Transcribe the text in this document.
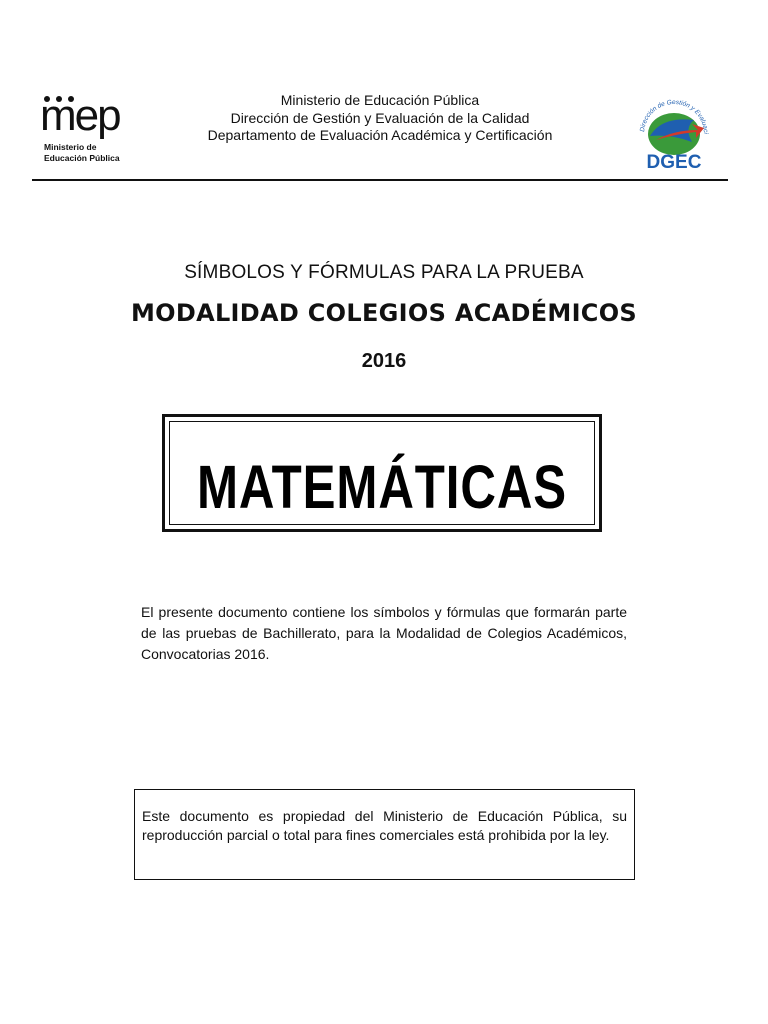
mep
Ministerio de
Educación Pública
Ministerio de Educación Pública
Dirección de Gestión y Evaluación de la Calidad
Departamento de Evaluación Académica y Certificación	Dirección de Gestión y Evaluaci
DGEC
SÍMBOLOS Y FÓRMULAS PARA LA PRUEBA
MODALIDAD COLEGIOS ACADÉMICOS
2016
MATEMÁTICAS
El presente documento contiene los símbolos y fórmulas que formarán parte de las pruebas de Bachillerato, para la Modalidad de Colegios Académicos, Convocatorias 2016.
Este documento es propiedad del Ministerio de Educación Pública, su reproducción parcial o total para fines comerciales está prohibida por la ley.
